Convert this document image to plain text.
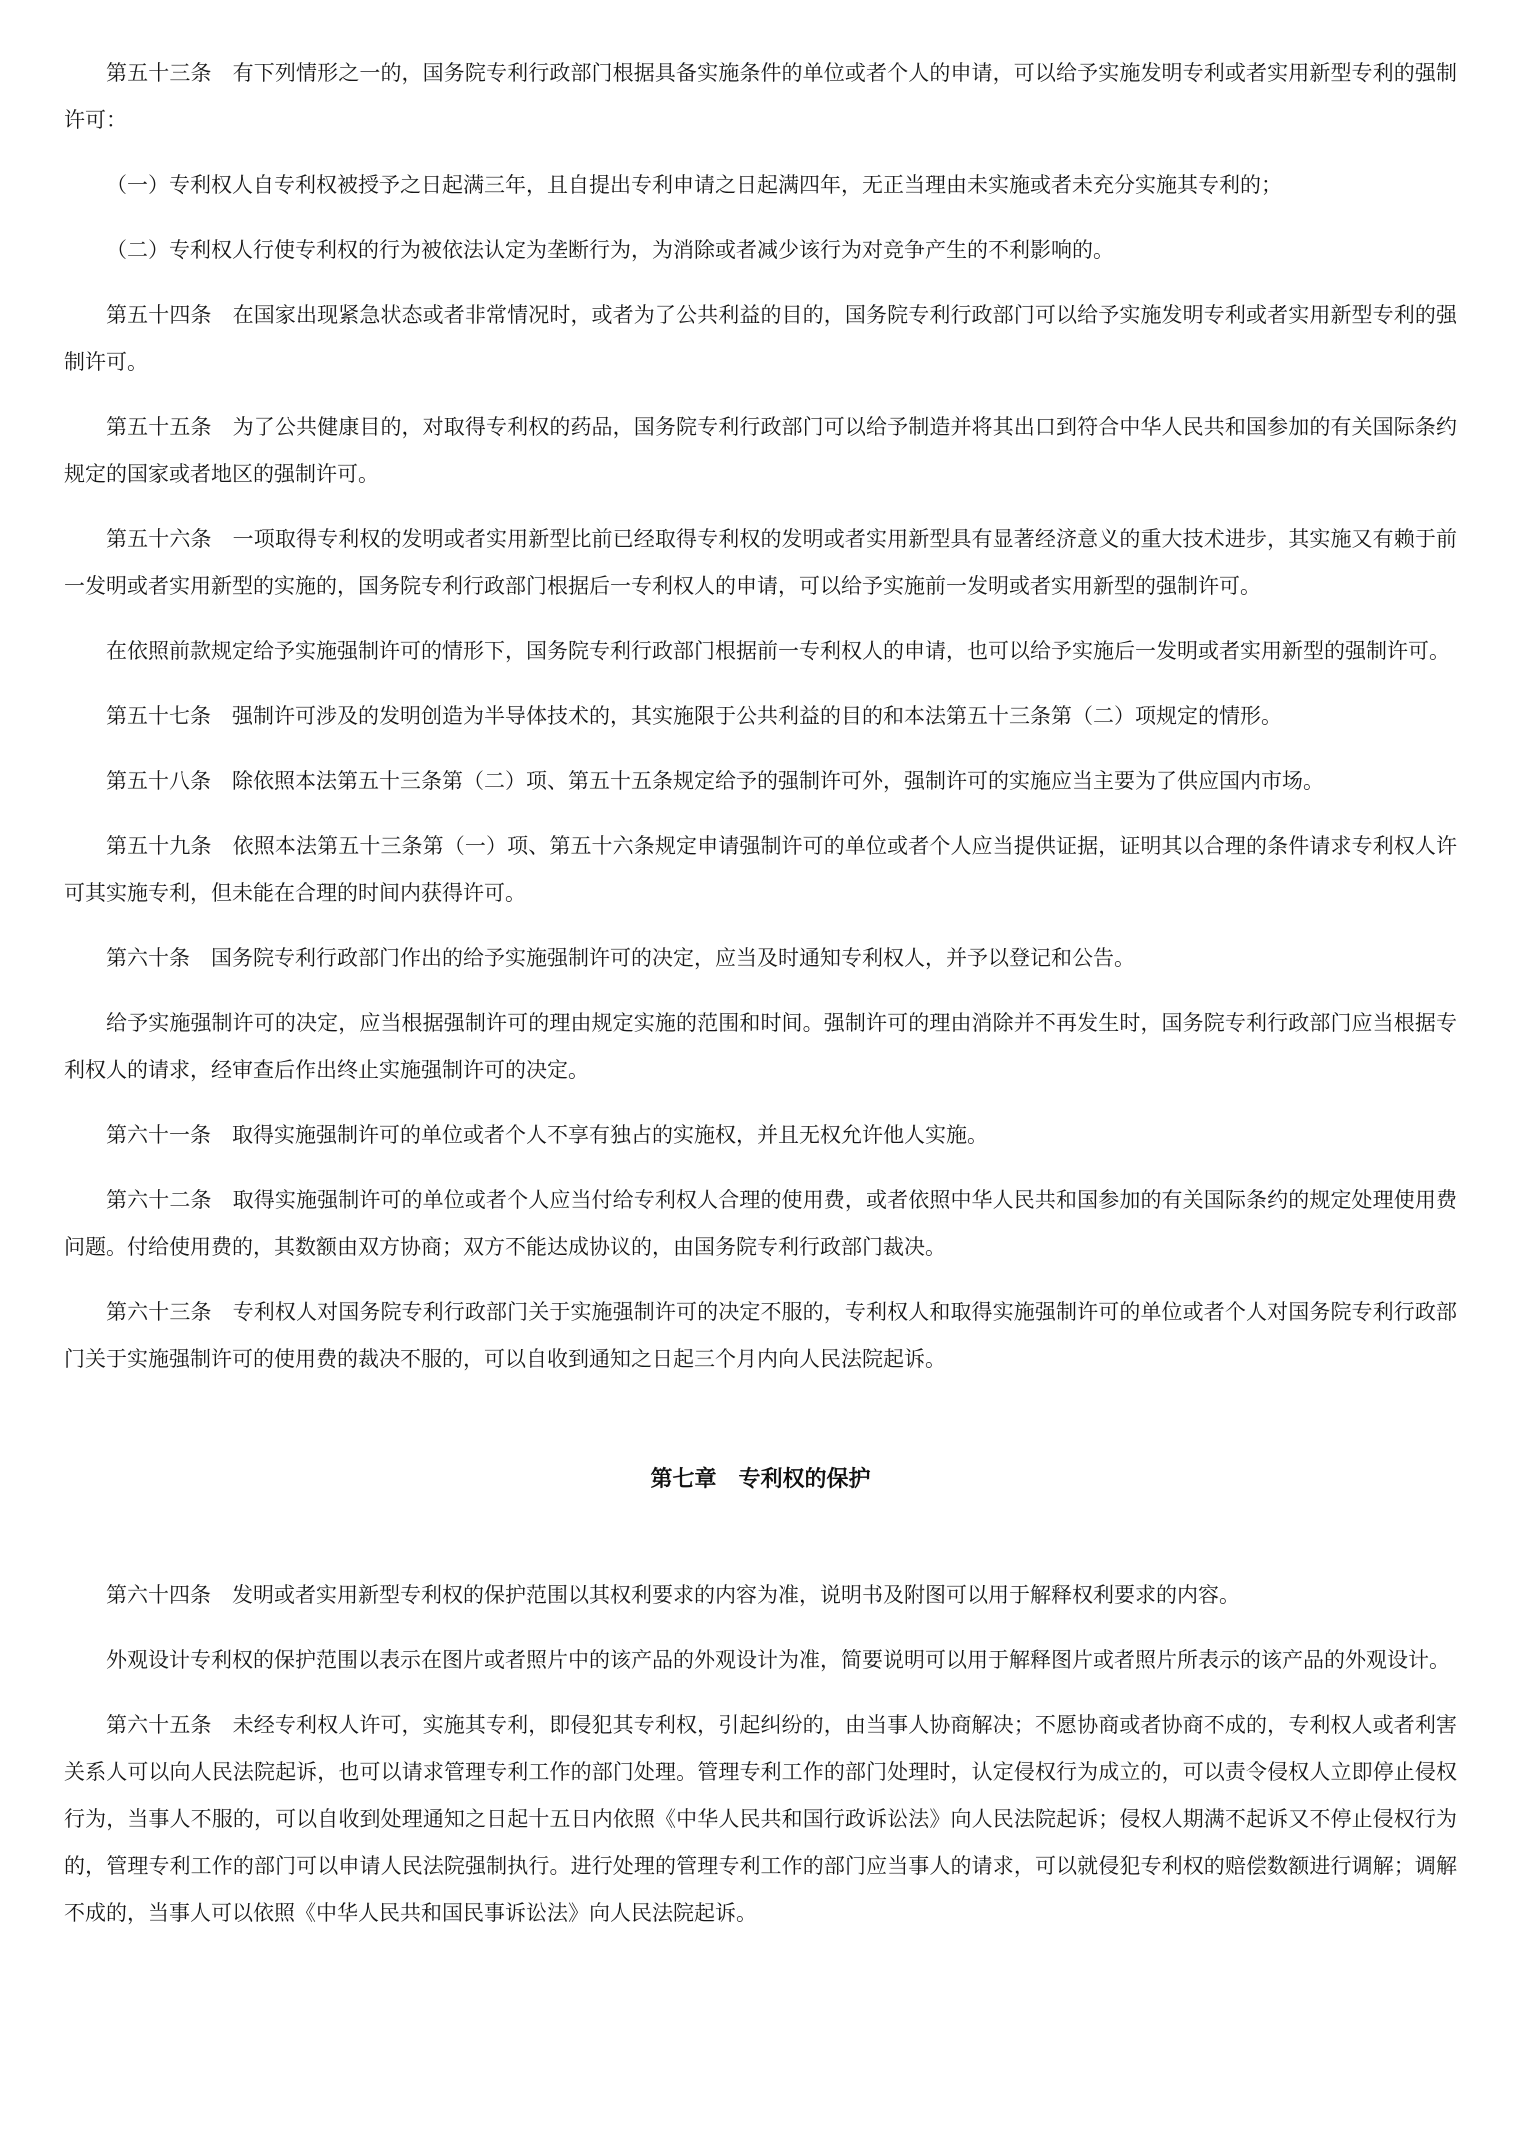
第五十三条　有下列情形之一的，国务院专利行政部门根据具备实施条件的单位或者个人的申请，可以给予实施发明专利或者实用新型专利的强制许可：

（一）专利权人自专利权被授予之日起满三年，且自提出专利申请之日起满四年，无正当理由未实施或者未充分实施其专利的；

（二）专利权人行使专利权的行为被依法认定为垄断行为，为消除或者减少该行为对竞争产生的不利影响的。

第五十四条　在国家出现紧急状态或者非常情况时，或者为了公共利益的目的，国务院专利行政部门可以给予实施发明专利或者实用新型专利的强制许可。

第五十五条　为了公共健康目的，对取得专利权的药品，国务院专利行政部门可以给予制造并将其出口到符合中华人民共和国参加的有关国际条约规定的国家或者地区的强制许可。

第五十六条　一项取得专利权的发明或者实用新型比前已经取得专利权的发明或者实用新型具有显著经济意义的重大技术进步，其实施又有赖于前一发明或者实用新型的实施的，国务院专利行政部门根据后一专利权人的申请，可以给予实施前一发明或者实用新型的强制许可。

在依照前款规定给予实施强制许可的情形下，国务院专利行政部门根据前一专利权人的申请，也可以给予实施后一发明或者实用新型的强制许可。

第五十七条　强制许可涉及的发明创造为半导体技术的，其实施限于公共利益的目的和本法第五十三条第（二）项规定的情形。

第五十八条　除依照本法第五十三条第（二）项、第五十五条规定给予的强制许可外，强制许可的实施应当主要为了供应国内市场。

第五十九条　依照本法第五十三条第（一）项、第五十六条规定申请强制许可的单位或者个人应当提供证据，证明其以合理的条件请求专利权人许可其实施专利，但未能在合理的时间内获得许可。

第六十条　国务院专利行政部门作出的给予实施强制许可的决定，应当及时通知专利权人，并予以登记和公告。

给予实施强制许可的决定，应当根据强制许可的理由规定实施的范围和时间。强制许可的理由消除并不再发生时，国务院专利行政部门应当根据专利权人的请求，经审查后作出终止实施强制许可的决定。

第六十一条　取得实施强制许可的单位或者个人不享有独占的实施权，并且无权允许他人实施。

第六十二条　取得实施强制许可的单位或者个人应当付给专利权人合理的使用费，或者依照中华人民共和国参加的有关国际条约的规定处理使用费问题。付给使用费的，其数额由双方协商；双方不能达成协议的，由国务院专利行政部门裁决。

第六十三条　专利权人对国务院专利行政部门关于实施强制许可的决定不服的，专利权人和取得实施强制许可的单位或者个人对国务院专利行政部门关于实施强制许可的使用费的裁决不服的，可以自收到通知之日起三个月内向人民法院起诉。

第七章　专利权的保护

第六十四条　发明或者实用新型专利权的保护范围以其权利要求的内容为准，说明书及附图可以用于解释权利要求的内容。

外观设计专利权的保护范围以表示在图片或者照片中的该产品的外观设计为准，简要说明可以用于解释图片或者照片所表示的该产品的外观设计。

第六十五条　未经专利权人许可，实施其专利，即侵犯其专利权，引起纠纷的，由当事人协商解决；不愿协商或者协商不成的，专利权人或者利害关系人可以向人民法院起诉，也可以请求管理专利工作的部门处理。管理专利工作的部门处理时，认定侵权行为成立的，可以责令侵权人立即停止侵权行为，当事人不服的，可以自收到处理通知之日起十五日内依照《中华人民共和国行政诉讼法》向人民法院起诉；侵权人期满不起诉又不停止侵权行为的，管理专利工作的部门可以申请人民法院强制执行。进行处理的管理专利工作的部门应当事人的请求，可以就侵犯专利权的赔偿数额进行调解；调解不成的，当事人可以依照《中华人民共和国民事诉讼法》向人民法院起诉。
